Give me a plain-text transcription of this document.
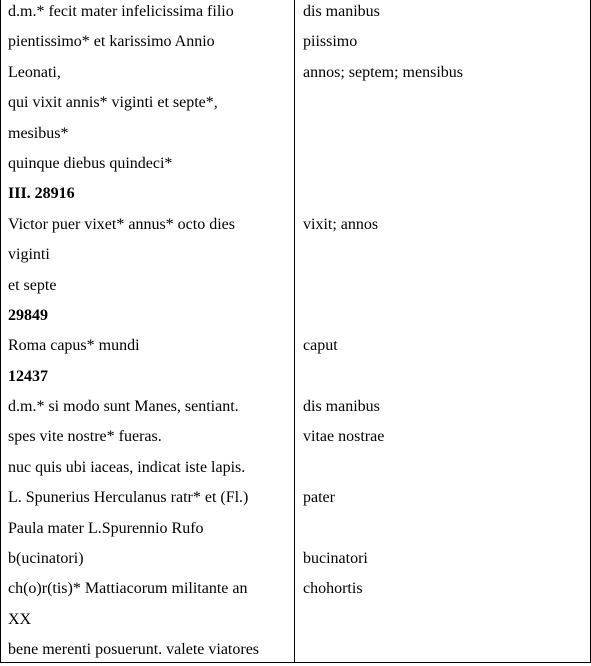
d.m.* fecit mater infelicissima filio
pientissimo* et karissimo Annio
Leonati,
qui vixit annis* viginti et septe*,
mesibus*
quinque diebus quindeci*
III. 28916
Victor puer vixet* annus* octo dies
viginti
et septe
29849
Roma capus* mundi
12437
d.m.* si modo sunt Manes, sentiant.
spes vite nostre* fueras.
nuc quis ubi iaceas, indicat iste lapis.
L. Spunerius Herculanus ratr* et (Fl.)
Paula mater L.Spurennio Rufo
b(ucinatori)
ch(o)r(tis)* Mattiacorum militante an
XX
bene merenti posuerunt. valete viatores
dis manibus
piissimo
annos; septem; mensibus
vixit; annos
caput
dis manibus
vitae nostrae
pater
bucinatori
chohortis
